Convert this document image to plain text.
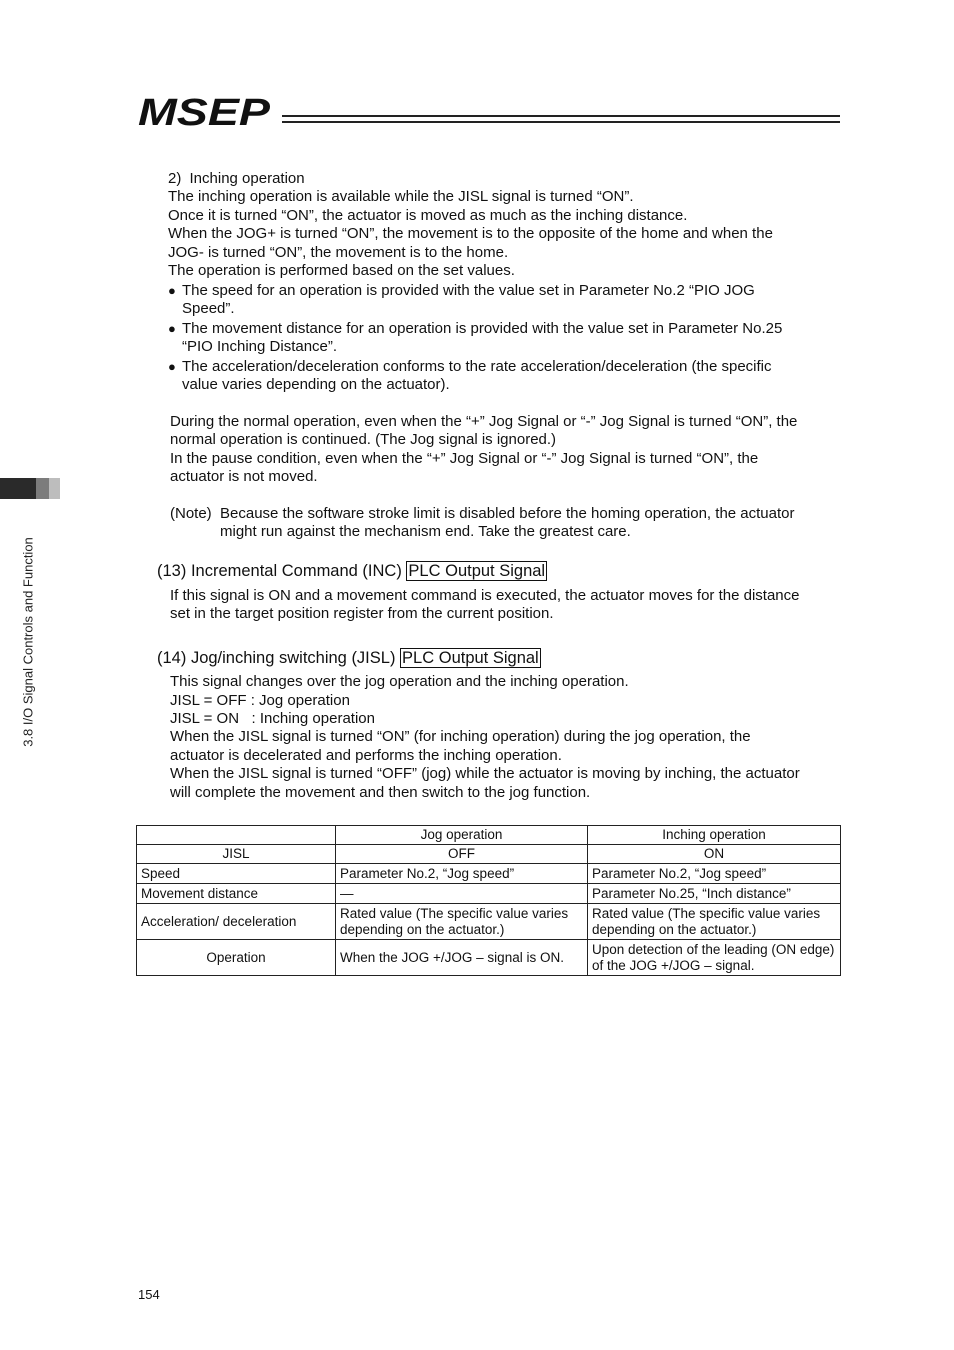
MSEP
3.8 I/O Signal Controls and Function
2) Inching operation
The inching operation is available while the JISL signal is turned “ON”.
Once it is turned “ON”, the actuator is moved as much as the inching distance.
When the JOG+ is turned “ON”, the movement is to the opposite of the home and when the
JOG- is turned “ON”, the movement is to the home.
The operation is performed based on the set values.
● The speed for an operation is provided with the value set in Parameter No.2 “PIO JOG
Speed”.
● The movement distance for an operation is provided with the value set in Parameter No.25
“PIO Inching Distance”.
● The acceleration/deceleration conforms to the rate acceleration/deceleration (the specific
value varies depending on the actuator).
During the normal operation, even when the “+” Jog Signal or “-” Jog Signal is turned “ON”, the
normal operation is continued. (The Jog signal is ignored.)
In the pause condition, even when the “+” Jog Signal or “-” Jog Signal is turned “ON”, the
actuator is not moved.
(Note) Because the software stroke limit is disabled before the homing operation, the actuator
might run against the mechanism end. Take the greatest care.
(13) Incremental Command (INC) PLC Output Signal
If this signal is ON and a movement command is executed, the actuator moves for the distance
set in the target position register from the current position.
(14) Jog/inching switching (JISL) PLC Output Signal
This signal changes over the jog operation and the inching operation.
JISL = OFF : Jog operation
JISL = ON   : Inching operation
When the JISL signal is turned “ON” (for inching operation) during the jog operation, the
actuator is decelerated and performs the inching operation.
When the JISL signal is turned “OFF” (jog) while the actuator is moving by inching, the actuator
will complete the movement and then switch to the jog function.
	Jog operation	Inching operation
JISL	OFF	ON
Speed	Parameter No.2, “Jog speed”	Parameter No.2, “Jog speed”
Movement distance	―	Parameter No.25, “Inch distance”
Acceleration/ deceleration	Rated value (The specific value varies depending on the actuator.)	Rated value (The specific value varies depending on the actuator.)
Operation	When the JOG +/JOG – signal is ON.	Upon detection of the leading (ON edge) of the JOG +/JOG – signal.
154
